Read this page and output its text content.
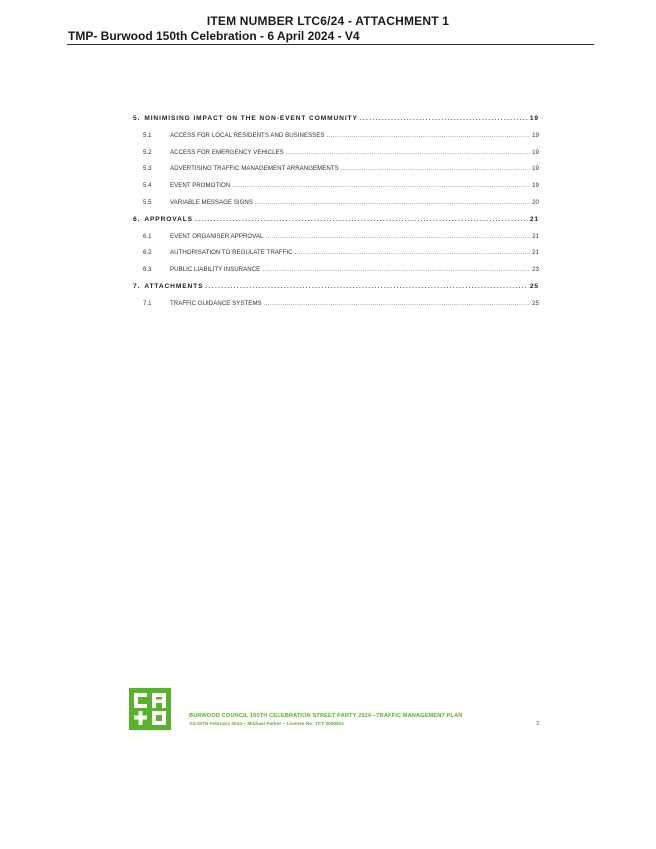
ITEM NUMBER LTC6/24 - ATTACHMENT 1
TMP- Burwood 150th Celebration - 6 April 2024 - V4
5. MINIMISING IMPACT ON THE NON-EVENT COMMUNITY .....	19
5.1	ACCESS FOR LOCAL RESIDENTS AND BUSINESSES .....	19
5.2	ACCESS FOR EMERGENCY VEHICLES .....	19
5.3	ADVERTISING TRAFFIC MANAGEMENT ARRANGEMENTS .....	19
5.4	EVENT PROMOTION .....	19
5.5	VARIABLE MESSAGE SIGNS .....	20
6. APPROVALS .....	21
6.1	EVENT ORGANISER APPROVAL .....	21
6.2	AUTHORISATION TO REGULATE TRAFFIC .....	21
6.3	PUBLIC LIABILITY INSURANCE .....	23
7. ATTACHMENTS .....	25
7.1	TRAFFIC GUIDANCE SYSTEMS .....	25
BURWOOD COUNCIL 150TH CELEBRATION STREET PARTY 2024 –TRAFFIC MANAGEMENT PLAN
V4-15TH February 2024 – Michael Parker – License No. TCT 0050831	3
